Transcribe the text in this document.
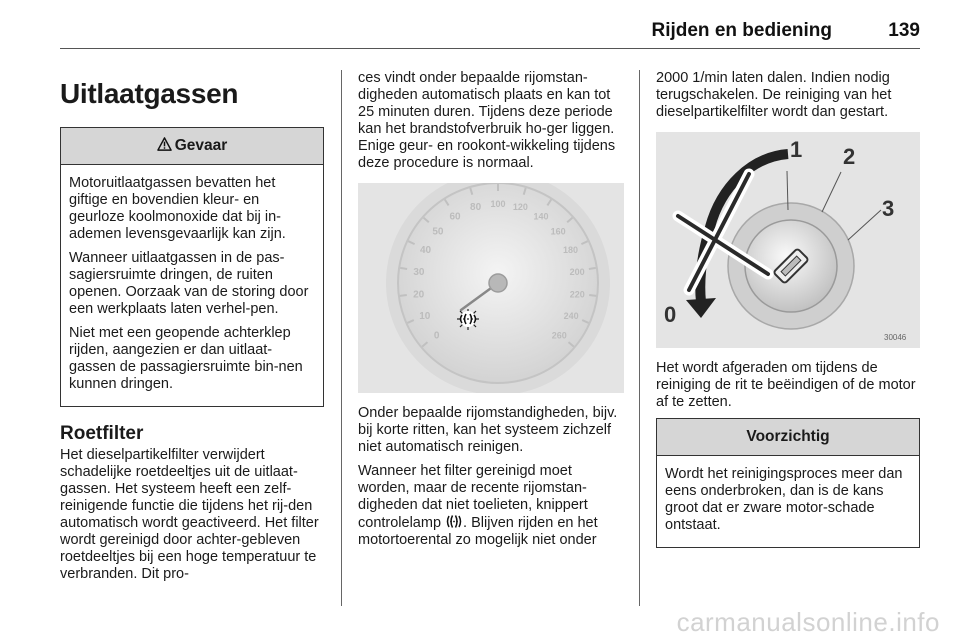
Rijden en bediening	139
Uitlaatgassen
Gevaar

Motoruitlaatgassen bevatten het giftige en bovendien kleur- en geurloze koolmonoxide dat bij in-ademen levensgevaarlijk kan zijn.

Wanneer uitlaatgassen in de pas-sagiersruimte dringen, de ruiten openen. Oorzaak van de storing door een werkplaats laten verhel-pen.

Niet met een geopende achterklep rijden, aangezien er dan uitlaat-gassen de passagiersruimte bin-nen kunnen dringen.

Roetfilter

Het dieselpartikelfilter verwijdert schadelijke roetdeeltjes uit de uitlaat-gassen. Het systeem heeft een zelf-reinigende functie die tijdens het rij-den automatisch wordt geactiveerd. Het filter wordt gereinigd door achter-gebleven roetdeeltjes bij een hoge temperatuur te verbranden. Dit pro-

ces vindt onder bepaalde rijomstan-digheden automatisch plaats en kan tot 25 minuten duren. Tijdens deze periode kan het brandstofverbruik ho-ger liggen. Enige geur- en rookont-wikkeling tijdens deze procedure is normaal.

0
10
20
30
40
50
60
80 100 120
140
160
180
200
220
240
260

Onder bepaalde rijomstandigheden, bijv. bij korte ritten, kan het systeem zichzelf niet automatisch reinigen.

Wanneer het filter gereinigd moet worden, maar de recente rijomstan-digheden dat niet toelieten, knippert controlelamp . Blijven rijden en het motortoerental zo mogelijk niet onder

2000 1/min laten dalen. Indien nodig terugschakelen. De reiniging van het dieselpartikelfilter wordt dan gestart.

1 2
3
0
30046

Het wordt afgeraden om tijdens de reiniging de rit te beëindigen of de motor af te zetten.

Voorzichtig

Wordt het reinigingsproces meer dan eens onderbroken, dan is de kans groot dat er zware motor-schade ontstaat.

carmanualsonline.info
